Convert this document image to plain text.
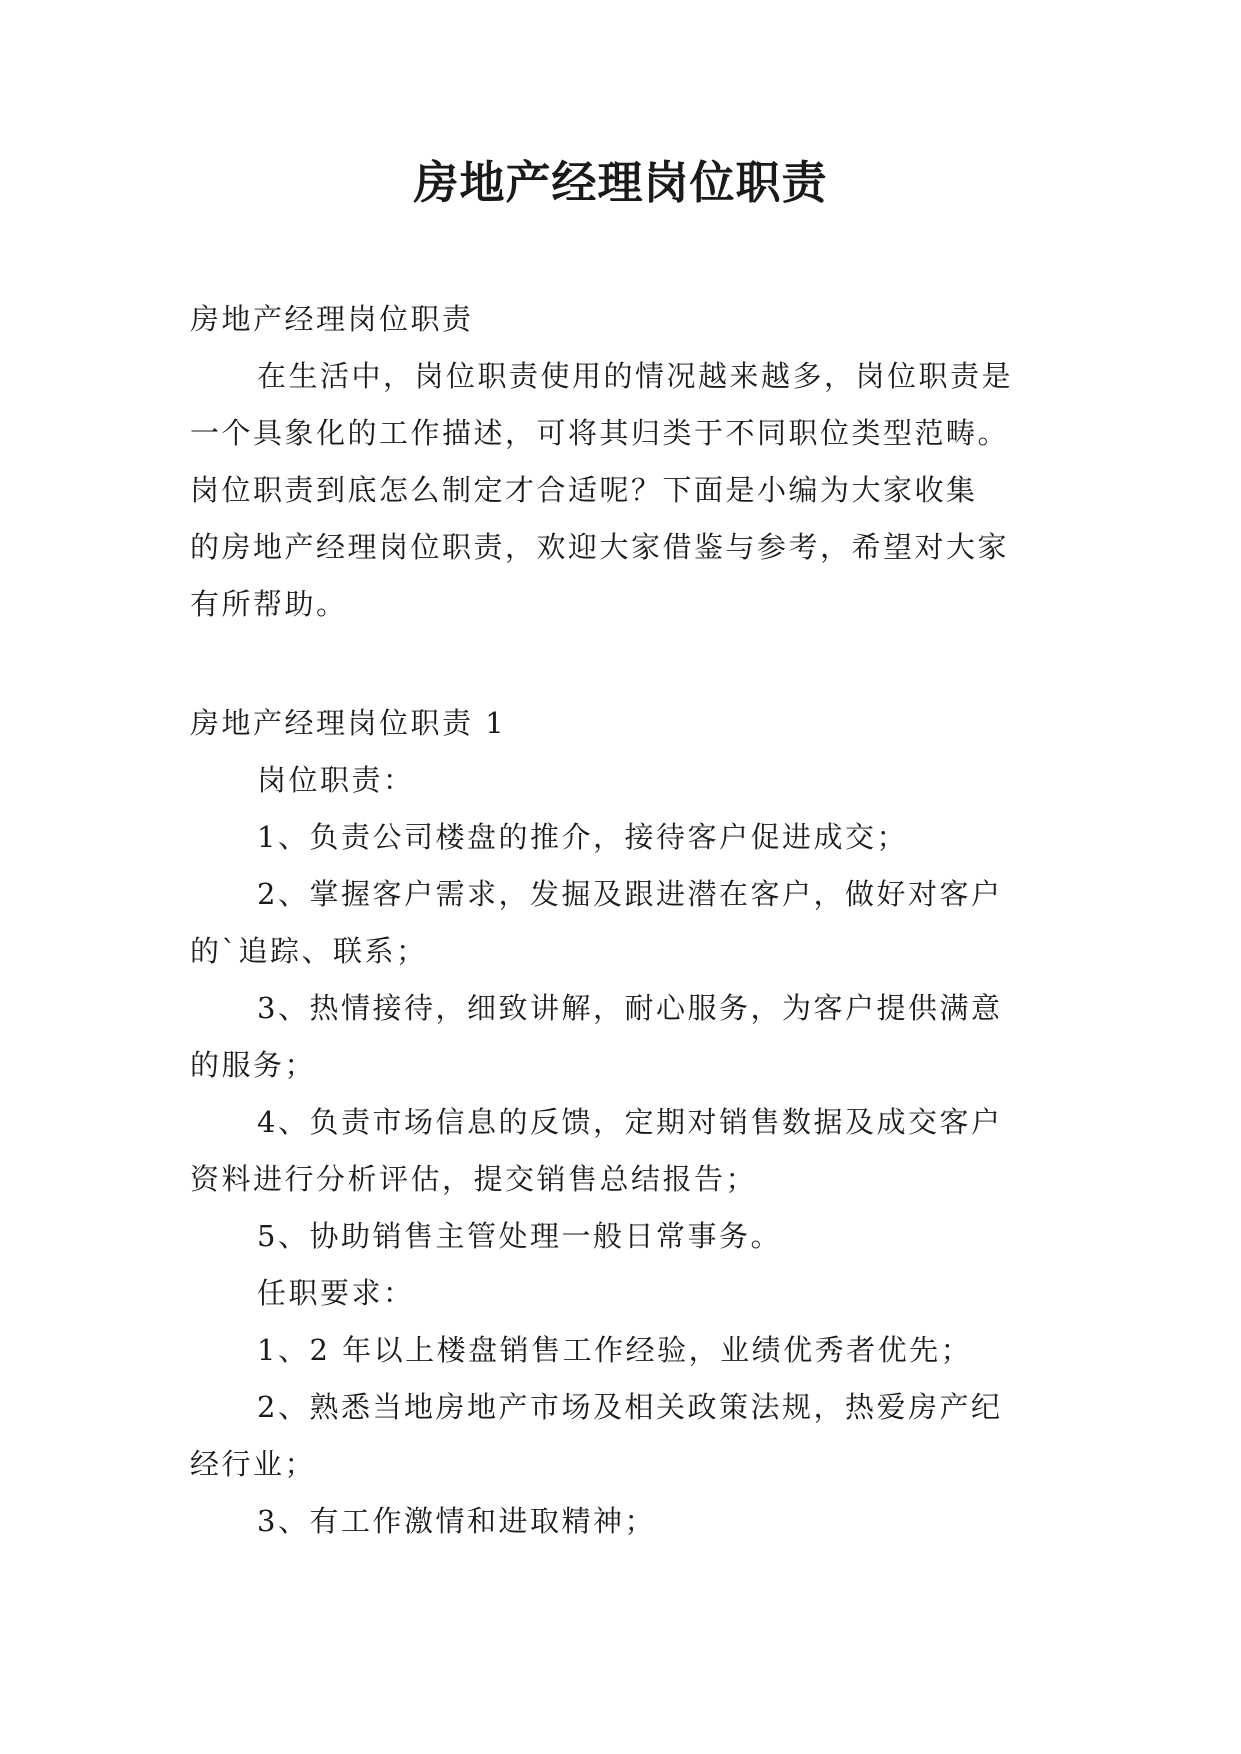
房地产经理岗位职责
房地产经理岗位职责
在生活中，岗位职责使用的情况越来越多，岗位职责是
一个具象化的工作描述，可将其归类于不同职位类型范畴。
岗位职责到底怎么制定才合适呢？下面是小编为大家收集
的房地产经理岗位职责，欢迎大家借鉴与参考，希望对大家
有所帮助。
房地产经理岗位职责 1
岗位职责：
1、负责公司楼盘的推介，接待客户促进成交；
2、掌握客户需求，发掘及跟进潜在客户，做好对客户
的`追踪、联系；
3、热情接待，细致讲解，耐心服务，为客户提供满意
的服务；
4、负责市场信息的反馈，定期对销售数据及成交客户
资料进行分析评估，提交销售总结报告；
5、协助销售主管处理一般日常事务。
任职要求：
1、2 年以上楼盘销售工作经验，业绩优秀者优先；
2、熟悉当地房地产市场及相关政策法规，热爱房产纪
经行业；
3、有工作激情和进取精神；
